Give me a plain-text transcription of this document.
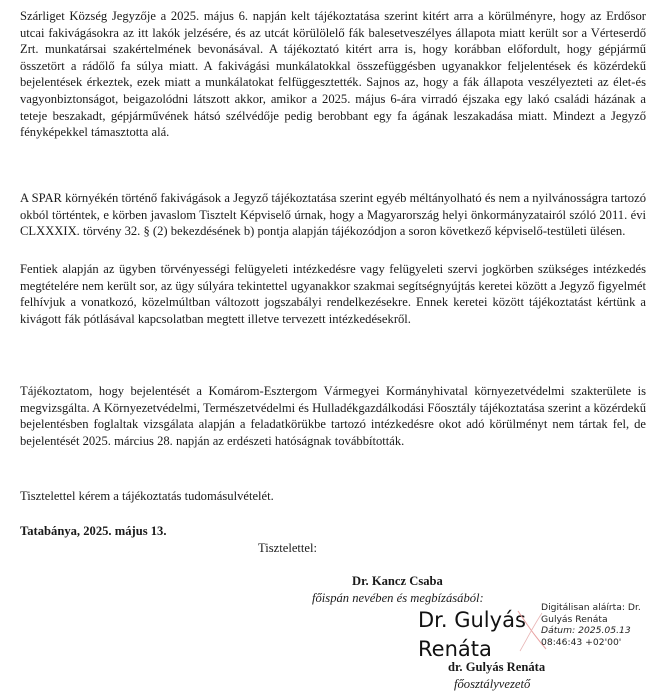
Szárliget Község Jegyzője a 2025. május 6. napján kelt tájékoztatása szerint kitért arra a körülményre, hogy az Erdősor utcai fakivágásokra az itt lakók jelzésére, és az utcát körülölelő fák balesetveszélyes állapota miatt került sor a Vérteserdő Zrt. munkatársai szakértelmének bevonásával. A tájékoztató kitért arra is, hogy korábban előfordult, hogy gépjármű összetört a rádőlő fa súlya miatt. A fakivágási munkálatokkal összefüggésben ugyanakkor feljelentések és közérdekű bejelentések érkeztek, ezek miatt a munkálatokat felfüggesztették. Sajnos az, hogy a fák állapota veszélyezteti az élet-és vagyonbiztonságot, beigazolódni látszott akkor, amikor a 2025. május 6-ára virradó éjszaka egy lakó családi házának a teteje beszakadt, gépjárművének hátsó szélvédője pedig berobbant egy fa ágának leszakadása miatt. Mindezt a Jegyző fényképekkel támasztotta alá.

A SPAR környékén történő fakivágások a Jegyző tájékoztatása szerint egyéb méltányolható és nem a nyilvánosságra tartozó okból történtek, e körben javaslom Tisztelt Képviselő úrnak, hogy a Magyarország helyi önkormányzatairól szóló 2011. évi CLXXXIX. törvény 32. § (2) bekezdésének b) pontja alapján tájékozódjon a soron következő képviselő-testületi ülésen.

Fentiek alapján az ügyben törvényességi felügyeleti intézkedésre vagy felügyeleti szervi jogkörben szükséges intézkedés megtételére nem került sor, az ügy súlyára tekintettel ugyanakkor szakmai segítségnyújtás keretei között a Jegyző figyelmét felhívjuk a vonatkozó, közelmúltban változott jogszabályi rendelkezésekre. Ennek keretei között tájékoztatást kértünk a kivágott fák pótlásával kapcsolatban megtett illetve tervezett intézkedésekről.

Tájékoztatom, hogy bejelentését a Komárom-Esztergom Vármegyei Kormányhivatal környezetvédelmi szakterülete is megvizsgálta. A Környezetvédelmi, Természetvédelmi és Hulladékgazdálkodási Főosztály tájékoztatása szerint a közérdekű bejelentésben foglaltak vizsgálata alapján a feladatkörükbe tartozó intézkedésre okot adó körülményt nem tártak fel, de bejelentését 2025. március 28. napján az erdészeti hatóságnak továbbították.

Tisztelettel kérem a tájékoztatás tudomásulvételét.

Tatabánya, 2025. május 13.

Tisztelettel:

Dr. Kancz Csaba

főispán nevében és megbízásából:

Dr. Gulyás
Renáta
Digitálisan aláírta: Dr.
Gulyás Renáta
Dátum: 2025.05.13
08:46:43 +02'00'

dr. Gulyás Renáta

főosztályvezető
